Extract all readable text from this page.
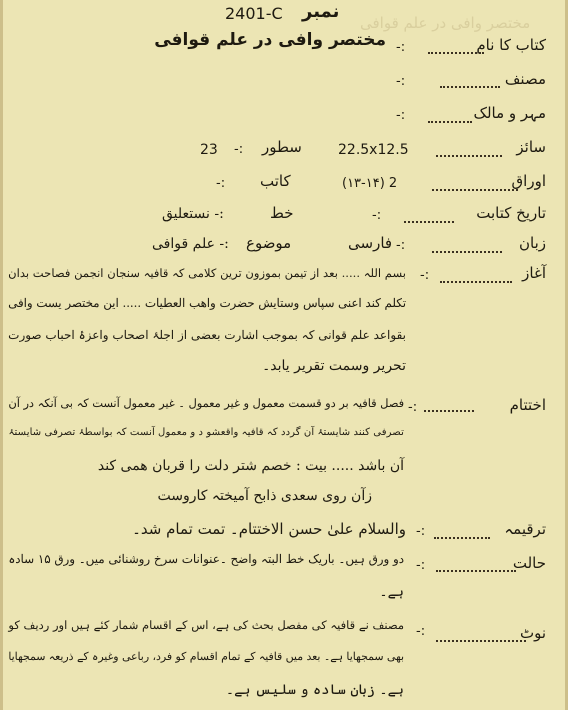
2401-C نمبر
مختصر وافی در علم قوافی
کتاب کا نام
:-
مختصر وافی در علم قوافی
مصنف
:-
مہر و مالک
:-
سائز
22.5x12.5
سطور
:-
23
اوراق
2 (۱۳-۱۴)
کاتب
:-
تاریخ کتابت
:-
خط
:- نستعلیق
زبان
:-
فارسی
موضوع
:- علم قوافی
آغاز
:-
بسم اللہ ..... بعد از تیمن بموزون ترین کلامی کہ قافیہ سنجان انجمن فصاحت بدان
تکلم کند اعنی سپاس وستایش حضرت واھب العطیات ..... این مختصر یست وافی
بقواعد علم قوانی کہ بموجب اشارت بعضی از اجلۂ اصحاب واعزۂ احباب صورت
تحریر وسمت تقریر یابد۔
اختتام
:-
فصل قافیہ بر دو قسمت معمول و غیر معمول ۔ غیر معمول آنست کہ بی آنکہ در آن
تصرفی کنند شایستۂ آن گردد کہ قافیہ واقعشو د و معمول آنست کہ بواسطۂ تصرفی شایستۂ
آن باشد ..... بیت : خصم شتر دلت را قربان ھمی کند
زآن روی سعدی ذابح آمیختہ کاروست
ترقیمہ
:-
والسلام علیٰ حسن الاختتام۔ تمت تمام شد۔
حالت
:-
دو ورق ہیں۔ باریک خط البتہ واضح ۔عنوانات سرخ روشنائی میں۔ ورق ۱۵ سادہ
ہے۔
نوٹ
:-
مصنف نے قافیہ کی مفصل بحث کی ہے، اس کے اقسام شمار کئے ہیں اور ردیف کو
بھی سمجھایا ہے۔ بعد میں قافیہ کے تمام اقسام کو فرد، رباعی وغیرہ کے ذریعہ سمجھایا
ہے۔ زبان سادہ و سلیس ہے۔
